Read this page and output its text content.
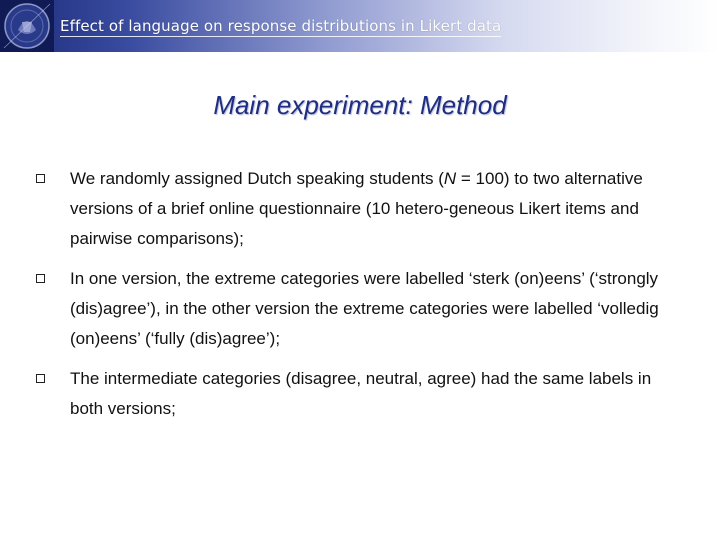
Effect of language on response distributions in Likert data
Main experiment: Method
We randomly assigned Dutch speaking students (N = 100) to two alternative versions of a brief online questionnaire (10 hetero-geneous Likert items and pairwise comparisons);
In one version, the extreme categories were labelled ‘sterk (on)eens’ (‘strongly (dis)agree’), in the other version the extreme categories were labelled ‘volledig (on)eens’ (‘fully (dis)agree’);
The intermediate categories (disagree, neutral, agree) had the same labels in both versions;
